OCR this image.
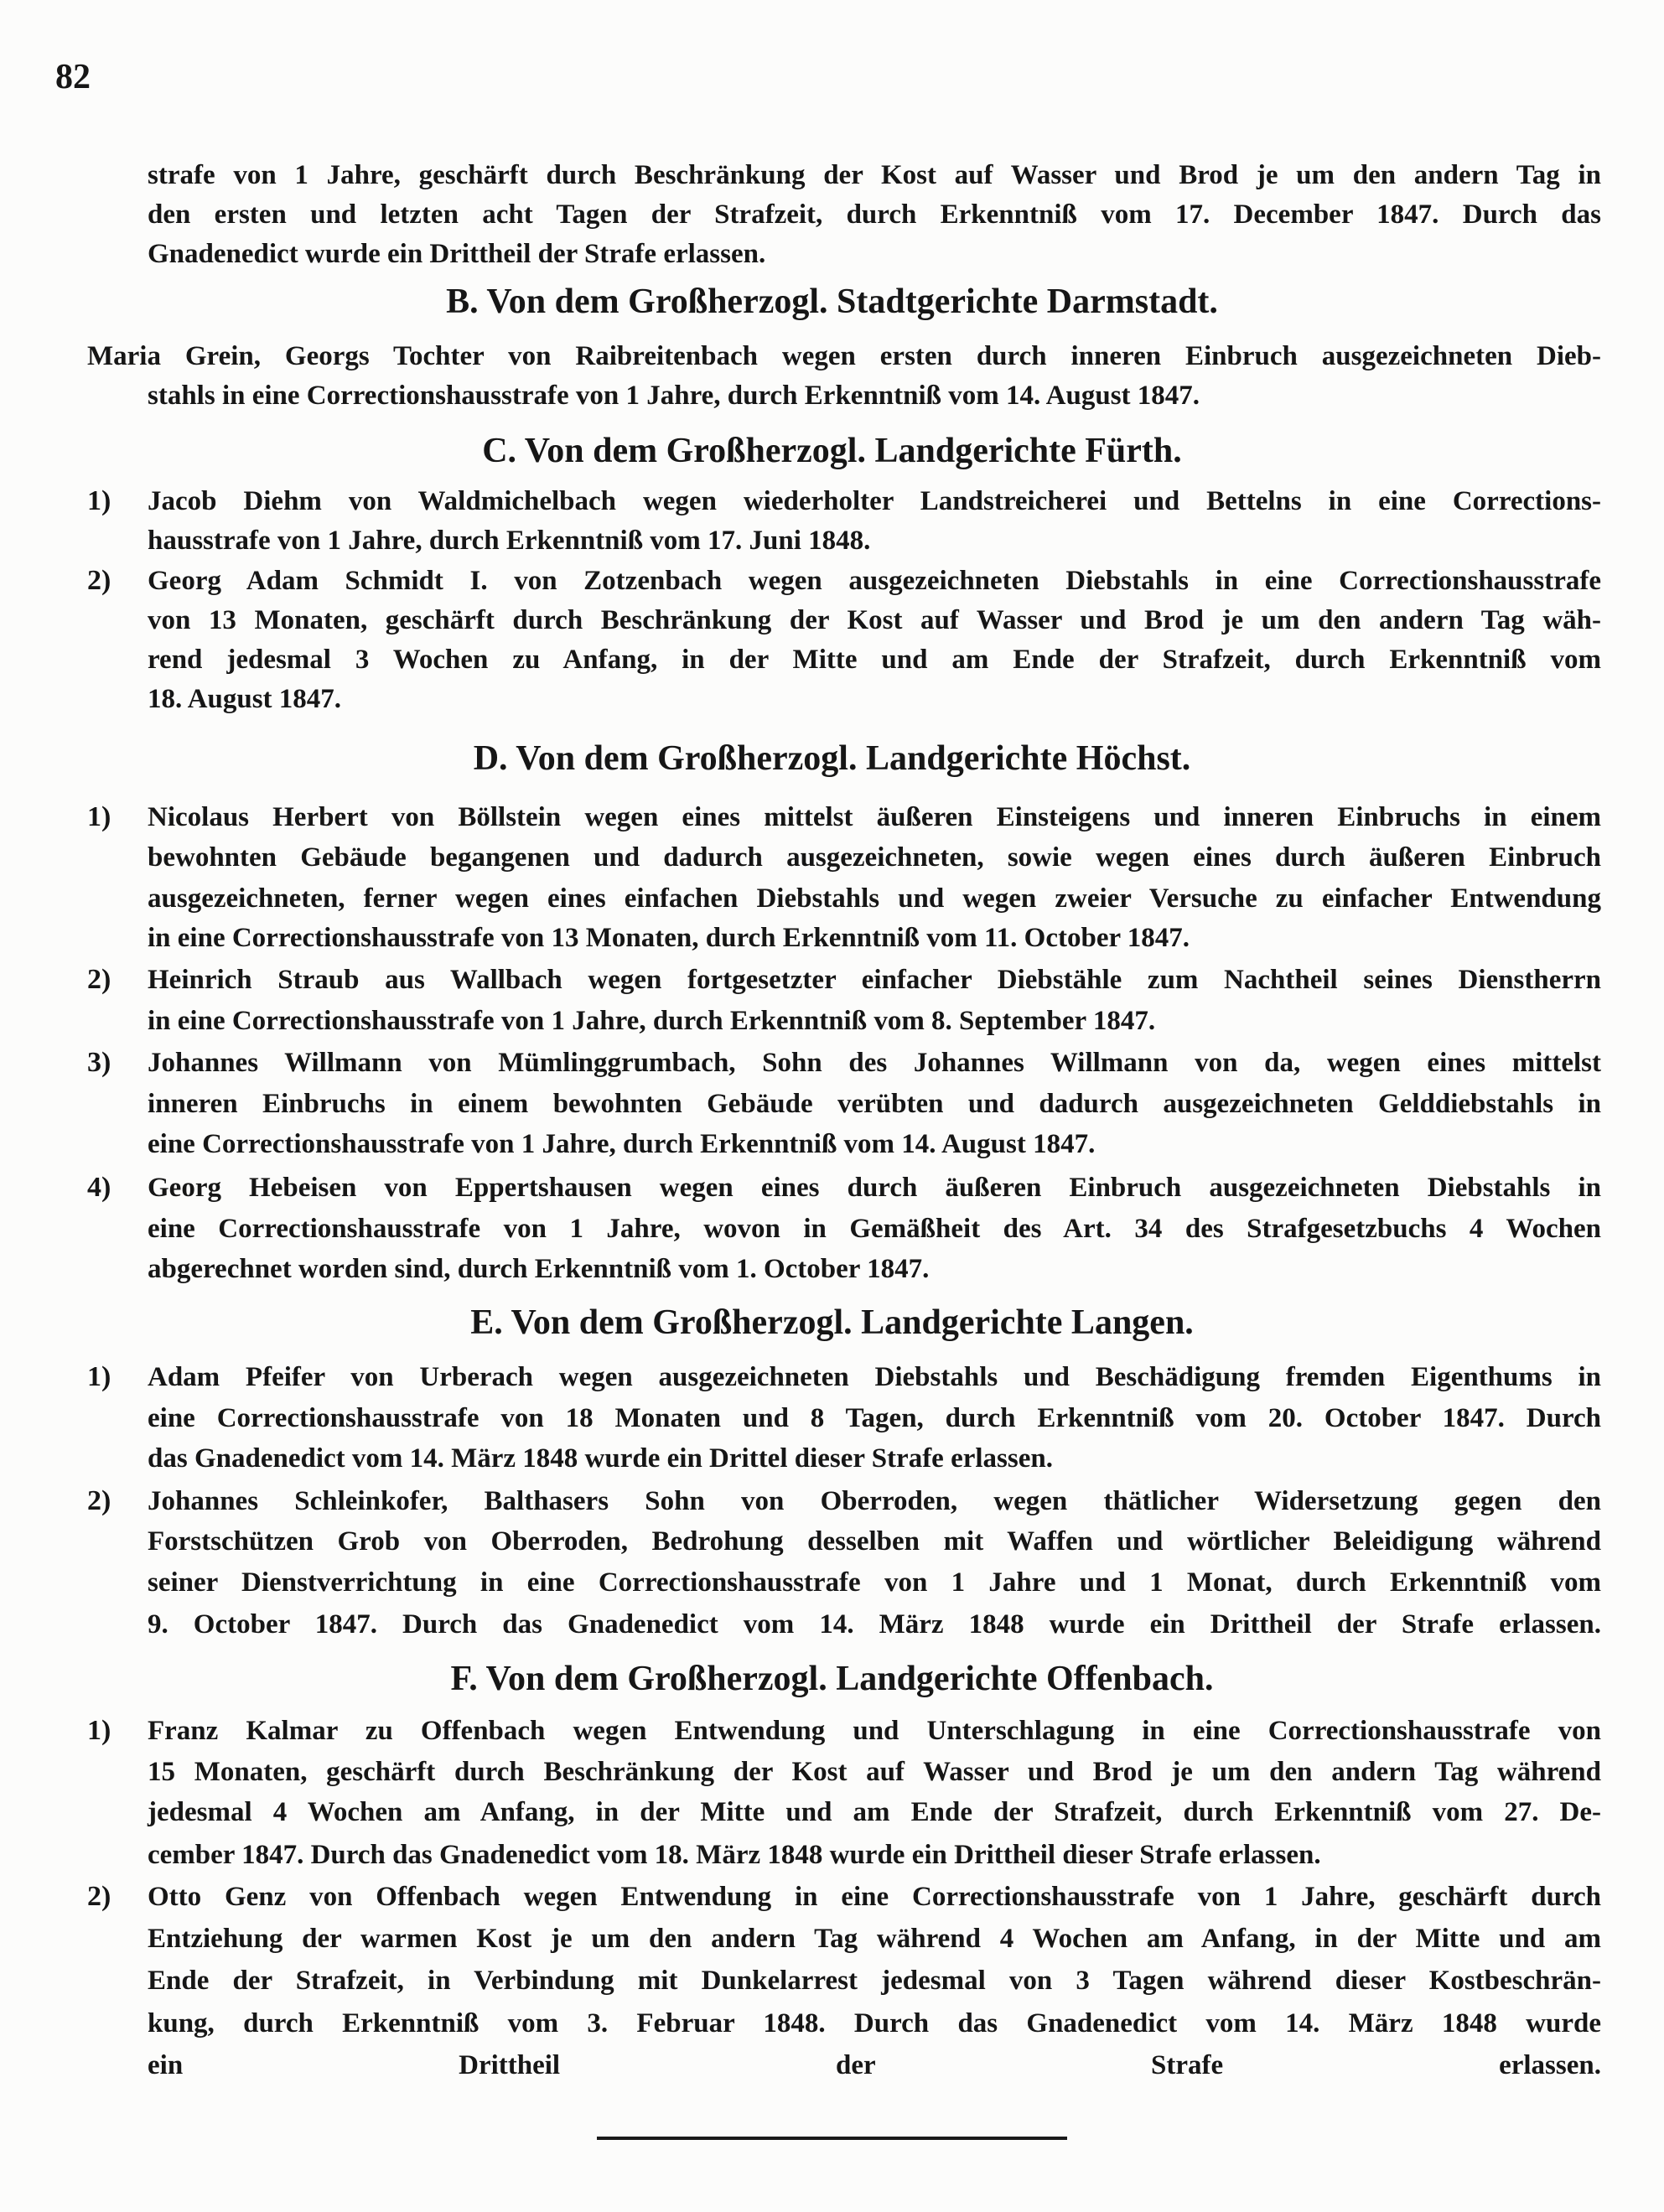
82
strafe von 1 Jahre, geschärft durch Beschränkung der Kost auf Wasser und Brod je um den andern Tag in
den ersten und letzten acht Tagen der Strafzeit, durch Erkenntniß vom 17. December 1847. Durch das
Gnadenedict wurde ein Drittheil der Strafe erlassen.
B. Von dem Großherzogl. Stadtgerichte Darmstadt.
Maria Grein, Georgs Tochter von Raibreitenbach wegen ersten durch inneren Einbruch ausgezeichneten Dieb-
stahls in eine Correctionshausstrafe von 1 Jahre, durch Erkenntniß vom 14. August 1847.
C. Von dem Großherzogl. Landgerichte Fürth.
1) Jacob Diehm von Waldmichelbach wegen wiederholter Landstreicherei und Bettelns in eine Corrections-
hausstrafe von 1 Jahre, durch Erkenntniß vom 17. Juni 1848.
2) Georg Adam Schmidt I. von Zotzenbach wegen ausgezeichneten Diebstahls in eine Correctionshausstrafe
von 13 Monaten, geschärft durch Beschränkung der Kost auf Wasser und Brod je um den andern Tag wäh-
rend jedesmal 3 Wochen zu Anfang, in der Mitte und am Ende der Strafzeit, durch Erkenntniß vom
18. August 1847.
D. Von dem Großherzogl. Landgerichte Höchst.
1) Nicolaus Herbert von Böllstein wegen eines mittelst äußeren Einsteigens und inneren Einbruchs in einem
bewohnten Gebäude begangenen und dadurch ausgezeichneten, sowie wegen eines durch äußeren Einbruch
ausgezeichneten, ferner wegen eines einfachen Diebstahls und wegen zweier Versuche zu einfacher Entwendung
in eine Correctionshausstrafe von 13 Monaten, durch Erkenntniß vom 11. October 1847.
2) Heinrich Straub aus Wallbach wegen fortgesetzter einfacher Diebstähle zum Nachtheil seines Dienstherrn
in eine Correctionshausstrafe von 1 Jahre, durch Erkenntniß vom 8. September 1847.
3) Johannes Willmann von Mümlinggrumbach, Sohn des Johannes Willmann von da, wegen eines mittelst
inneren Einbruchs in einem bewohnten Gebäude verübten und dadurch ausgezeichneten Gelddiebstahls in
eine Correctionshausstrafe von 1 Jahre, durch Erkenntniß vom 14. August 1847.
4) Georg Hebeisen von Eppertshausen wegen eines durch äußeren Einbruch ausgezeichneten Diebstahls in
eine Correctionshausstrafe von 1 Jahre, wovon in Gemäßheit des Art. 34 des Strafgesetzbuchs 4 Wochen
abgerechnet worden sind, durch Erkenntniß vom 1. October 1847.
E. Von dem Großherzogl. Landgerichte Langen.
1) Adam Pfeifer von Urberach wegen ausgezeichneten Diebstahls und Beschädigung fremden Eigenthums in
eine Correctionshausstrafe von 18 Monaten und 8 Tagen, durch Erkenntniß vom 20. October 1847. Durch
das Gnadenedict vom 14. März 1848 wurde ein Drittel dieser Strafe erlassen.
2) Johannes Schleinkofer, Balthasers Sohn von Oberroden, wegen thätlicher Widersetzung gegen den
Forstschützen Grob von Oberroden, Bedrohung desselben mit Waffen und wörtlicher Beleidigung während
seiner Dienstverrichtung in eine Correctionshausstrafe von 1 Jahre und 1 Monat, durch Erkenntniß vom
9. October 1847. Durch das Gnadenedict vom 14. März 1848 wurde ein Drittheil der Strafe erlassen.
F. Von dem Großherzogl. Landgerichte Offenbach.
1) Franz Kalmar zu Offenbach wegen Entwendung und Unterschlagung in eine Correctionshausstrafe von
15 Monaten, geschärft durch Beschränkung der Kost auf Wasser und Brod je um den andern Tag während
jedesmal 4 Wochen am Anfang, in der Mitte und am Ende der Strafzeit, durch Erkenntniß vom 27. De-
cember 1847. Durch das Gnadenedict vom 18. März 1848 wurde ein Drittheil dieser Strafe erlassen.
2) Otto Genz von Offenbach wegen Entwendung in eine Correctionshausstrafe von 1 Jahre, geschärft durch
Entziehung der warmen Kost je um den andern Tag während 4 Wochen am Anfang, in der Mitte und am
Ende der Strafzeit, in Verbindung mit Dunkelarrest jedesmal von 3 Tagen während dieser Kostbeschrän-
kung, durch Erkenntniß vom 3. Februar 1848. Durch das Gnadenedict vom 14. März 1848 wurde
ein Drittheil der Strafe erlassen.
